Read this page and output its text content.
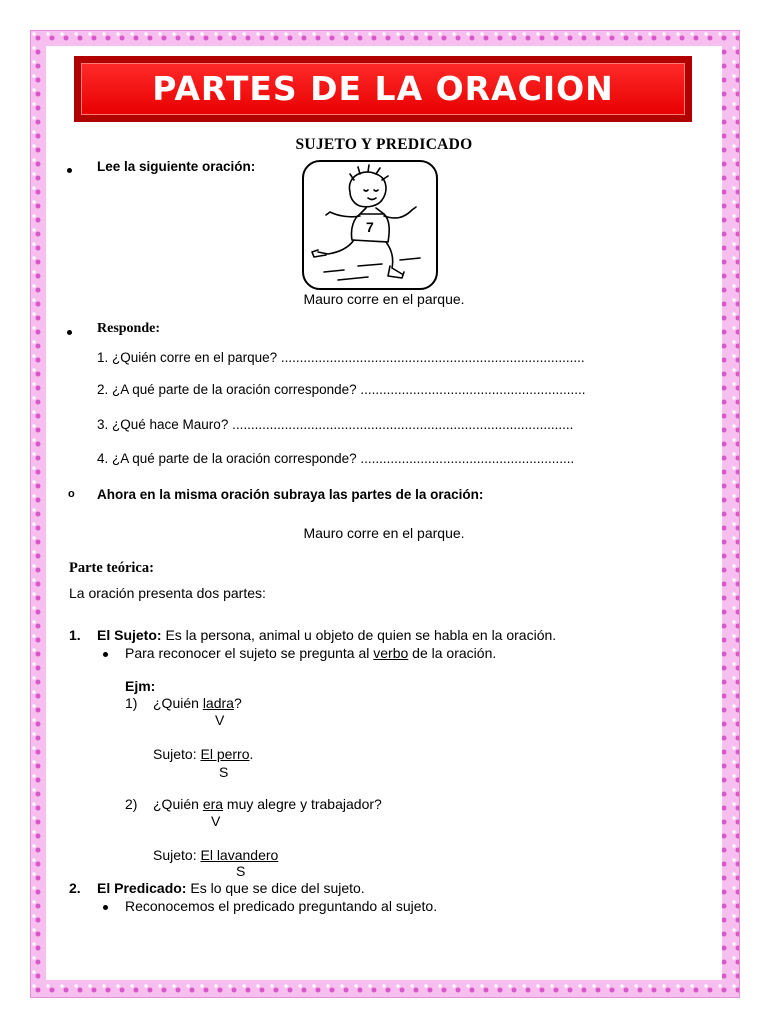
PARTES DE LA ORACION
SUJETO Y PREDICADO
Lee la siguiente oración:
7
Mauro corre en el parque.
Responde:
1. ¿Quién corre en el parque? .................................................................................
2. ¿A qué parte de la oración corresponde? ............................................................
3. ¿Qué hace Mauro? ...........................................................................................
4. ¿A qué parte de la oración corresponde? .........................................................
o Ahora en la misma oración subraya las partes de la oración:
Mauro corre en el parque.
Parte teórica:
La oración presenta dos partes:
1. El Sujeto: Es la persona, animal u objeto de quien se habla en la oración.
Para reconocer el sujeto se pregunta al verbo de la oración.
Ejm:
1) ¿Quién ladra?
V
Sujeto: El perro.
S
2) ¿Quién era muy alegre y trabajador?
V
Sujeto: El lavandero
S
2. El Predicado: Es lo que se dice del sujeto.
Reconocemos el predicado preguntando al sujeto.
